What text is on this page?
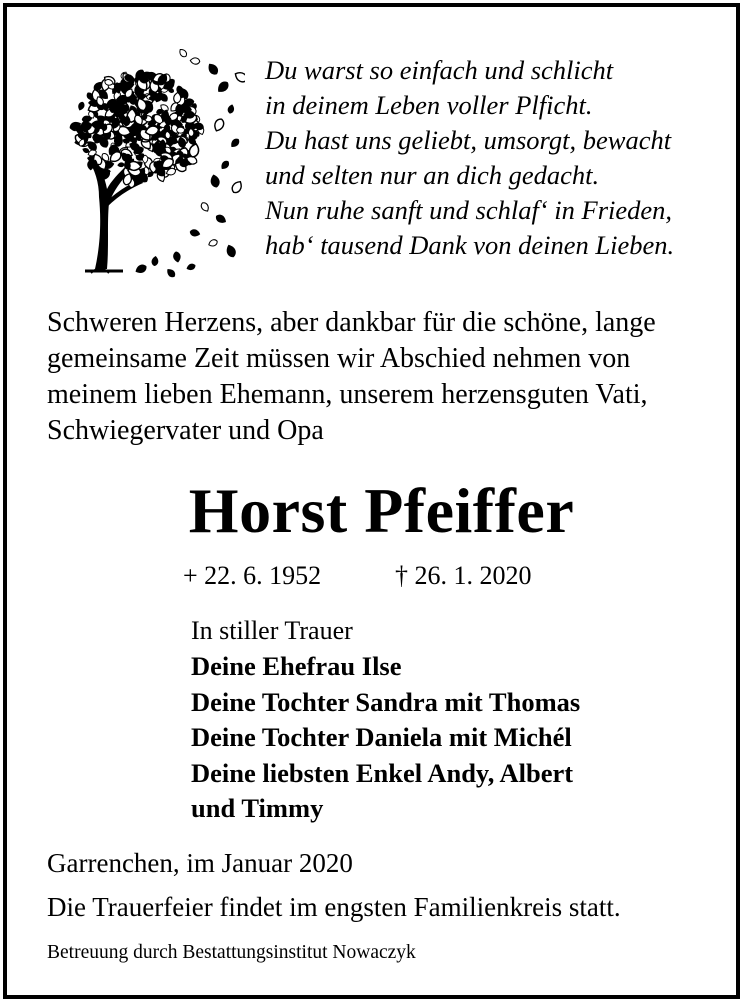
Du warst so einfach und schlicht
in deinem Leben voller Plficht.
Du hast uns geliebt, umsorgt, bewacht
und selten nur an dich gedacht.
Nun ruhe sanft und schlaf‘ in Frieden,
hab‘ tausend Dank von deinen Lieben.
Schweren Herzens, aber dankbar für die schöne, lange
gemeinsame Zeit müssen wir Abschied nehmen von
meinem lieben Ehemann, unserem herzensguten Vati,
Schwiegervater und Opa
Horst Pfeiffer
+ 22. 6. 1952	† 26. 1. 2020
In stiller Trauer
Deine Ehefrau Ilse
Deine Tochter Sandra mit Thomas
Deine Tochter Daniela mit Michél
Deine liebsten Enkel Andy, Albert
und Timmy
Garrenchen, im Januar 2020
Die Trauerfeier findet im engsten Familienkreis statt.
Betreuung durch Bestattungsinstitut Nowaczyk
